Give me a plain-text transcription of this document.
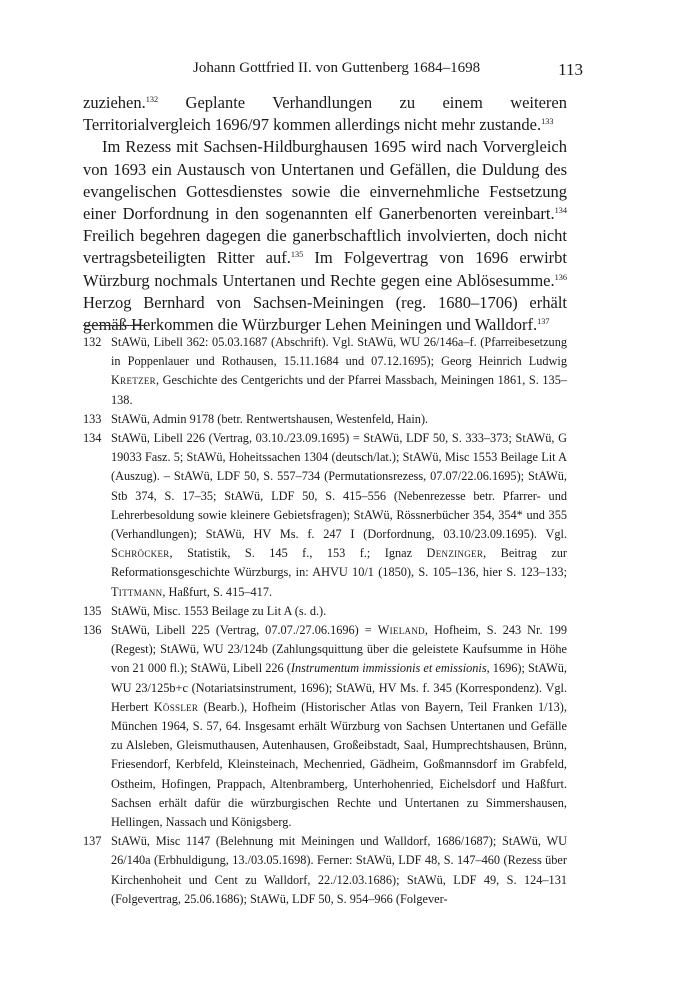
Johann Gottfried II. von Guttenberg 1684–1698	113

zuziehen.$^{132}$ Geplante Verhandlungen zu einem weiteren Territorialvergleich 1696/97 kommen allerdings nicht mehr zustande.$^{133}$

Im Rezess mit Sachsen-Hildburghausen 1695 wird nach Vorvergleich von 1693 ein Austausch von Untertanen und Gefällen, die Duldung des evangelischen Gottesdienstes sowie die einvernehmliche Festsetzung einer Dorfordnung in den sogenannten elf Ganerbenorten vereinbart.$^{134}$ Freilich begehren dagegen die ganerbschaftlich involvierten, doch nicht vertragsbeteiligten Ritter auf.$^{135}$ Im Folgevertrag von 1696 erwirbt Würzburg nochmals Untertanen und Rechte gegen eine Ablösesumme.$^{136}$ Herzog Bernhard von Sachsen-Meiningen (reg. 1680–1706) erhält gemäß Herkommen die Würzburger Lehen Meiningen und Walldorf.$^{137}$

132 StAWü, Libell 362: 05.03.1687 (Abschrift). Vgl. StAWü, WU 26/146a–f. (Pfarreibesetzung in Poppenlauer und Rothausen, 15.11.1684 und 07.12.1695); Georg Heinrich Ludwig Kretzer, Geschichte des Centgerichts und der Pfarrei Massbach, Meiningen 1861, S. 135–138.
133 StAWü, Admin 9178 (betr. Rentwertshausen, Westenfeld, Hain).
134 StAWü, Libell 226 (Vertrag, 03.10./23.09.1695) = StAWü, LDF 50, S. 333–373; StAWü, G 19033 Fasz. 5; StAWü, Hoheitssachen 1304 (deutsch/lat.); StAWü, Misc 1553 Beilage Lit A (Auszug). – StAWü, LDF 50, S. 557–734 (Permutationsrezess, 07.07/22.06.1695); StAWü, Stb 374, S. 17–35; StAWü, LDF 50, S. 415–556 (Nebenrezesse betr. Pfarrer- und Lehrerbesoldung sowie kleinere Gebietsfragen); StAWü, Rössnerbücher 354, 354* und 355 (Verhandlungen); StAWü, HV Ms. f. 247 I (Dorfordnung, 03.10/23.09.1695). Vgl. Schröcker, Statistik, S. 145 f., 153 f.; Ignaz Denzinger, Beitrag zur Reformationsgeschichte Würzburgs, in: AHVU 10/1 (1850), S. 105–136, hier S. 123–133; Tittmann, Haßfurt, S. 415–417.
135 StAWü, Misc. 1553 Beilage zu Lit A (s. d.).
136 StAWü, Libell 225 (Vertrag, 07.07./27.06.1696) = Wieland, Hofheim, S. 243 Nr. 199 (Regest); StAWü, WU 23/124b (Zahlungsquittung über die geleistete Kaufsumme in Höhe von 21 000 fl.); StAWü, Libell 226 (Instrumentum immissionis et emissionis, 1696); StAWü, WU 23/125b+c (Notariatsinstrument, 1696); StAWü, HV Ms. f. 345 (Korrespondenz). Vgl. Herbert Kössler (Bearb.), Hofheim (Historischer Atlas von Bayern, Teil Franken 1/13), München 1964, S. 57, 64. Insgesamt erhält Würzburg von Sachsen Untertanen und Gefälle zu Alsleben, Gleismuthausen, Autenhausen, Großeibstadt, Saal, Humprechtshausen, Brünn, Friesendorf, Kerbfeld, Kleinsteinach, Mechenried, Gädheim, Goßmannsdorf im Grabfeld, Ostheim, Hofingen, Prappach, Altenbramberg, Unterhohenried, Eichelsdorf und Haßfurt. Sachsen erhält dafür die würzburgischen Rechte und Untertanen zu Simmershausen, Hellingen, Nassach und Königsberg.
137 StAWü, Misc 1147 (Belehnung mit Meiningen und Walldorf, 1686/1687); StAWü, WU 26/140a (Erbhuldigung, 13./03.05.1698). Ferner: StAWü, LDF 48, S. 147–460 (Rezess über Kirchenhoheit und Cent zu Walldorf, 22./12.03.1686); StAWü, LDF 49, S. 124–131 (Folgevertrag, 25.06.1686); StAWü, LDF 50, S. 954–966 (Folgever-
